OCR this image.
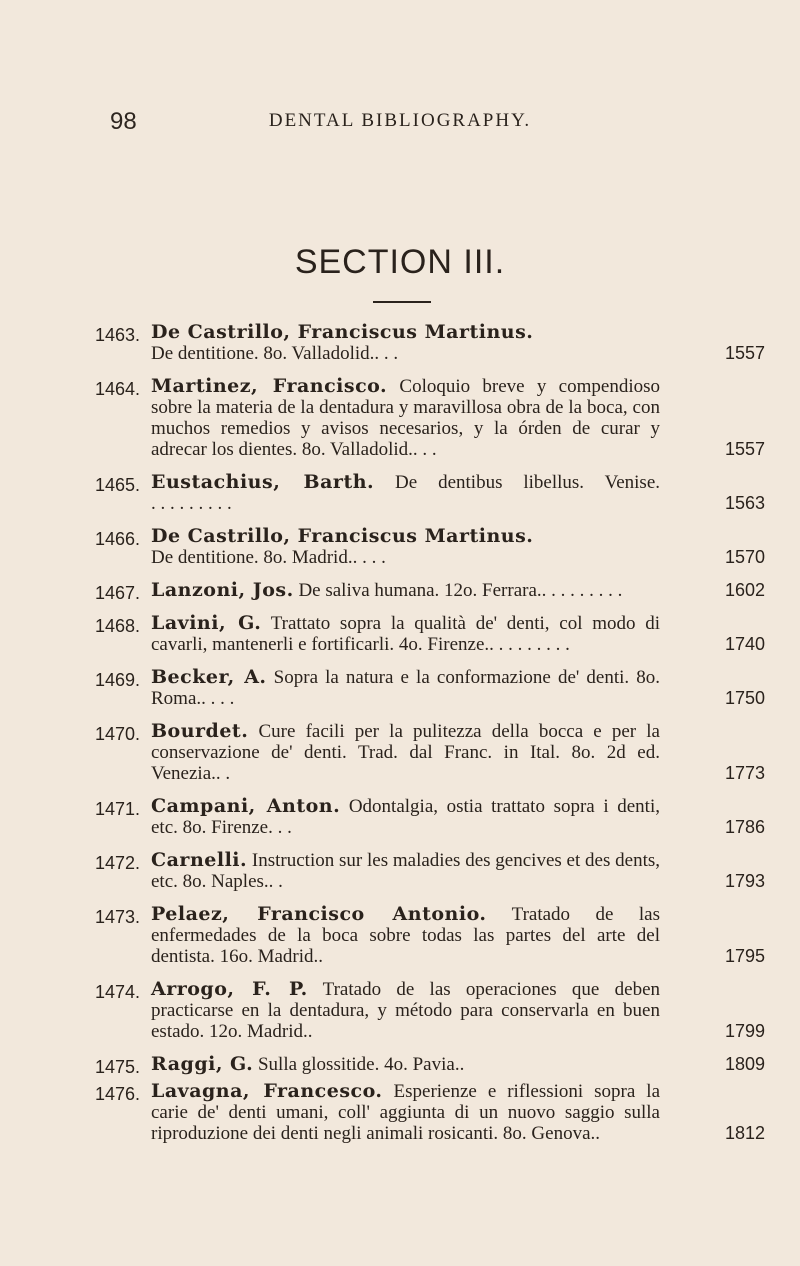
98	DENTAL BIBLIOGRAPHY.
SECTION III.
1463. De Castrillo, Franciscus Martinus.
De dentitione. 8o. Valladolid.. . .	1557
1464. Martinez, Francisco. Coloquio breve y compendioso sobre la materia de la dentadura y maravillosa obra de la boca, con muchos remedios y avisos necesarios, y la órden de curar y adrecar los dientes. 8o. Valladolid.. . .	1557
1465. Eustachius, Barth. De dentibus libellus. Venise.. . . . . . . . .	1563
1466. De Castrillo, Franciscus Martinus.
De dentitione. 8o. Madrid.. . . .	1570
1467. Lanzoni, Jos. De saliva humana. 12o. Ferrara.. . . . . . . . .	1602
1468. Lavini, G. Trattato sopra la qualità de' denti, col modo di cavarli, mantenerli e fortificarli. 4o. Firenze.. . . . . . . . .	1740
1469. Becker, A. Sopra la natura e la conformazione de' denti. 8o. Roma.. . . .	1750
1470. Bourdet. Cure facili per la pulitezza della bocca e per la conservazione de' denti. Trad. dal Franc. in Ital. 8o. 2d ed. Venezia.. .	1773
1471. Campani, Anton. Odontalgia, ostia trattato sopra i denti, etc. 8o. Firenze. . .	1786
1472. Carnelli. Instruction sur les maladies des gencives et des dents, etc. 8o. Naples.. .	1793
1473. Pelaez, Francisco Antonio. Tratado de las enfermedades de la boca sobre todas las partes del arte del dentista. 16o. Madrid..	1795
1474. Arrogo, F. P. Tratado de las operaciones que deben practicarse en la dentadura, y método para conservarla en buen estado. 12o. Madrid..	1799
1475. Raggi, G. Sulla glossitide. 4o. Pavia..	1809
1476. Lavagna, Francesco. Esperienze e riflessioni sopra la carie de' denti umani, coll' aggiunta di un nuovo saggio sulla riproduzione dei denti negli animali rosicanti. 8o. Genova..	1812
